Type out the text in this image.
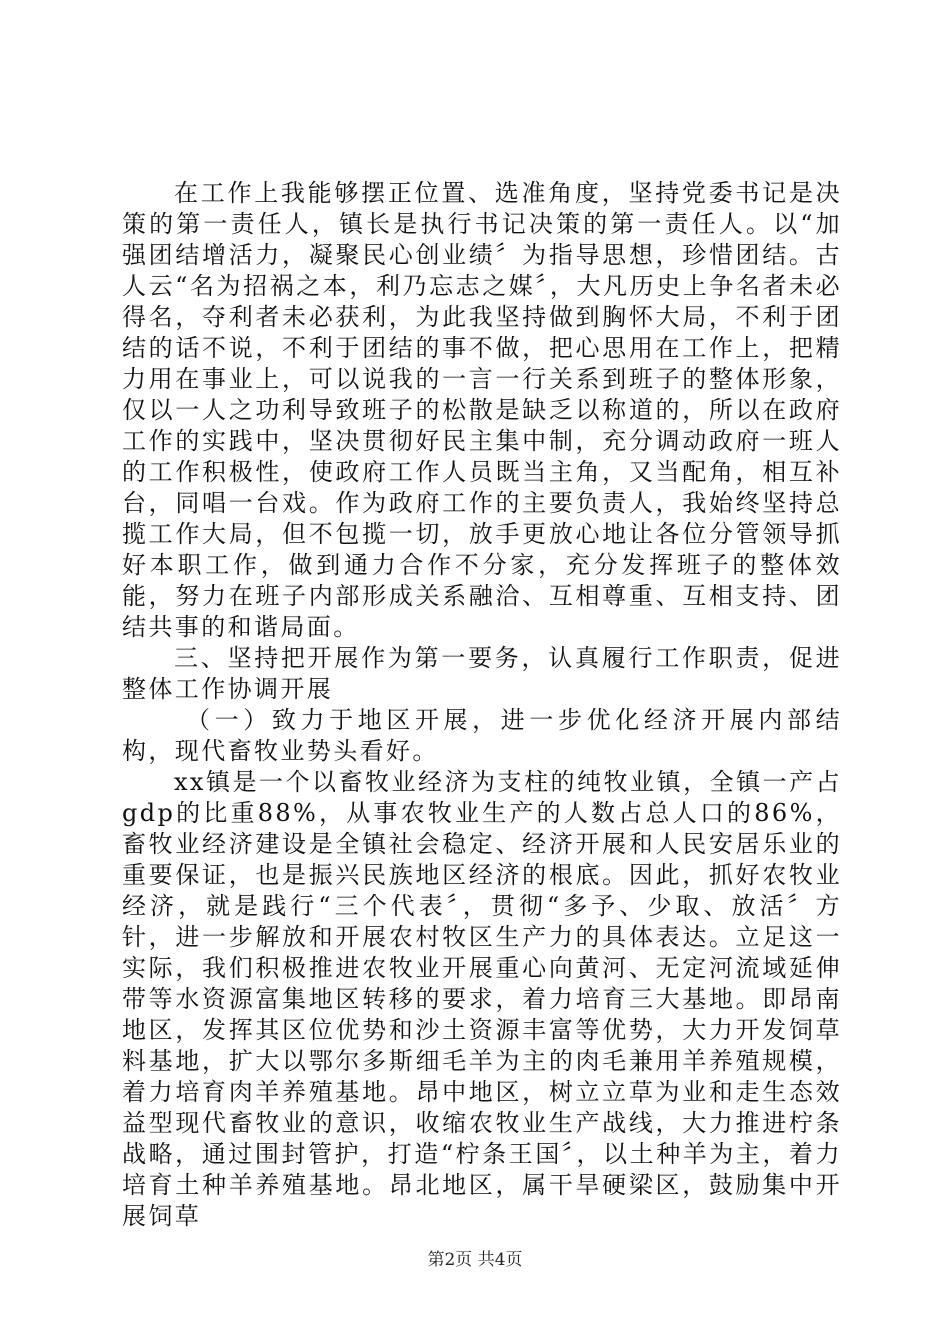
在工作上我能够摆正位置、选准角度，坚持党委书记是决策的第一责任人，镇长是执行书记决策的第一责任人。以“加强团结增活力，凝聚民心创业绩〞为指导思想，珍惜团结。古人云“名为招祸之本，利乃忘志之媒〞，大凡历史上争名者未必得名，夺利者未必获利，为此我坚持做到胸怀大局，不利于团结的话不说，不利于团结的事不做，把心思用在工作上，把精力用在事业上，可以说我的一言一行关系到班子的整体形象，仅以一人之功利导致班子的松散是缺乏以称道的，所以在政府工作的实践中，坚决贯彻好民主集中制，充分调动政府一班人的工作积极性，使政府工作人员既当主角，又当配角，相互补台，同唱一台戏。作为政府工作的主要负责人，我始终坚持总揽工作大局，但不包揽一切，放手更放心地让各位分管领导抓好本职工作，做到通力合作不分家，充分发挥班子的整体效能，努力在班子内部形成关系融洽、互相尊重、互相支持、团结共事的和谐局面。

三、坚持把开展作为第一要务，认真履行工作职责，促进整体工作协调开展

（一）致力于地区开展，进一步优化经济开展内部结构，现代畜牧业势头看好。

xx镇是一个以畜牧业经济为支柱的纯牧业镇，全镇一产占gdp的比重88%，从事农牧业生产的人数占总人口的86%，畜牧业经济建设是全镇社会稳定、经济开展和人民安居乐业的重要保证，也是振兴民族地区经济的根底。因此，抓好农牧业经济，就是践行“三个代表〞，贯彻“多予、少取、放活〞方针，进一步解放和开展农村牧区生产力的具体表达。立足这一实际，我们积极推进农牧业开展重心向黄河、无定河流域延伸带等水资源富集地区转移的要求，着力培育三大基地。即昂南地区，发挥其区位优势和沙土资源丰富等优势，大力开发饲草料基地，扩大以鄂尔多斯细毛羊为主的肉毛兼用羊养殖规模，着力培育肉羊养殖基地。昂中地区，树立立草为业和走生态效益型现代畜牧业的意识，收缩农牧业生产战线，大力推进柠条战略，通过围封管护，打造“柠条王国〞，以土种羊为主，着力培育土种羊养殖基地。昂北地区，属干旱硬梁区，鼓励集中开展饲草

第2页 共4页
